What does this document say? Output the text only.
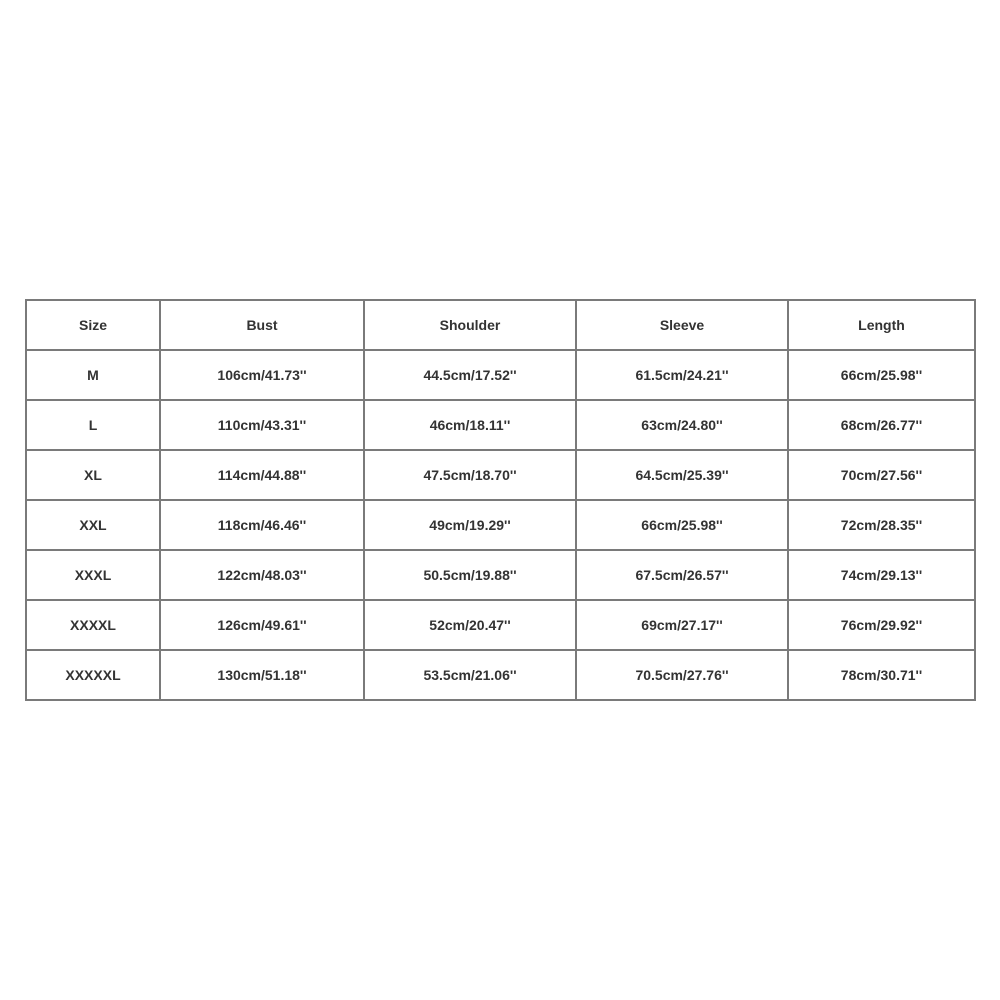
Size	Bust	Shoulder	Sleeve	Length
M	106cm/41.73''	44.5cm/17.52''	61.5cm/24.21''	66cm/25.98''
L	110cm/43.31''	46cm/18.11''	63cm/24.80''	68cm/26.77''
XL	114cm/44.88''	47.5cm/18.70''	64.5cm/25.39''	70cm/27.56''
XXL	118cm/46.46''	49cm/19.29''	66cm/25.98''	72cm/28.35''
XXXL	122cm/48.03''	50.5cm/19.88''	67.5cm/26.57''	74cm/29.13''
XXXXL	126cm/49.61''	52cm/20.47''	69cm/27.17''	76cm/29.92''
XXXXXL	130cm/51.18''	53.5cm/21.06''	70.5cm/27.76''	78cm/30.71''
